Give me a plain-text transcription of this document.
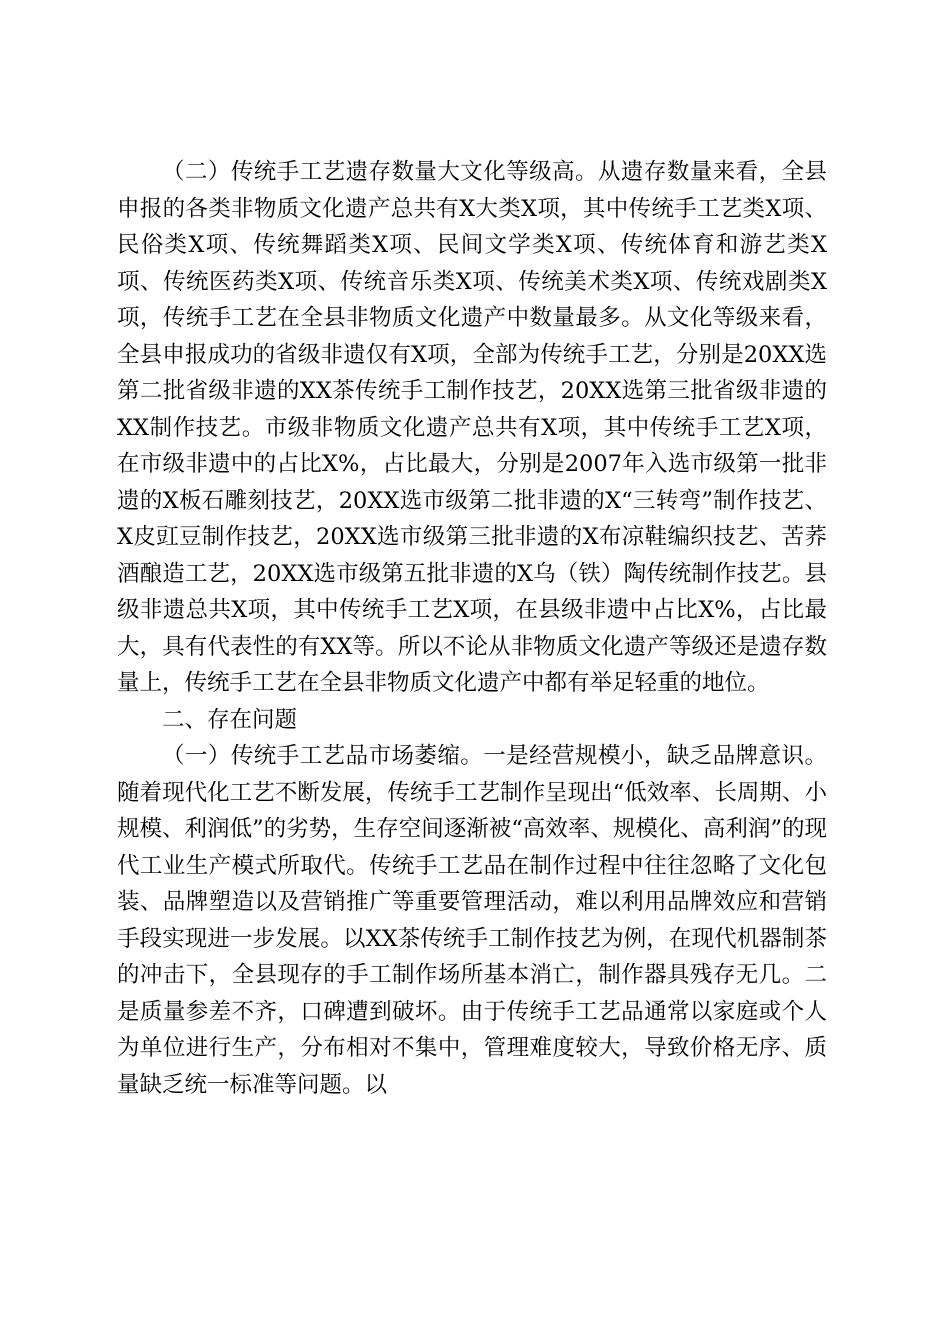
（二）传统手工艺遗存数量大文化等级高。从遗存数量来看，全县申报的各类非物质文化遗产总共有X大类X项，其中传统手工艺类X项、民俗类X项、传统舞蹈类X项、民间文学类X项、传统体育和游艺类X项、传统医药类X项、传统音乐类X项、传统美术类X项、传统戏剧类X项，传统手工艺在全县非物质文化遗产中数量最多。从文化等级来看，全县申报成功的省级非遗仅有X项，全部为传统手工艺，分别是20XX选第二批省级非遗的XX茶传统手工制作技艺，20XX选第三批省级非遗的XX制作技艺。市级非物质文化遗产总共有X项，其中传统手工艺X项，在市级非遗中的占比X%，占比最大，分别是2007年入选市级第一批非遗的X板石雕刻技艺，20XX选市级第二批非遗的X“三转弯”制作技艺、X皮豇豆制作技艺，20XX选市级第三批非遗的X布凉鞋编织技艺、苦荞酒酿造工艺，20XX选市级第五批非遗的X乌（铁）陶传统制作技艺。县级非遗总共X项，其中传统手工艺X项，在县级非遗中占比X%，占比最大，具有代表性的有XX等。所以不论从非物质文化遗产等级还是遗存数量上，传统手工艺在全县非物质文化遗产中都有举足轻重的地位。

二、存在问题

（一）传统手工艺品市场萎缩。一是经营规模小，缺乏品牌意识。随着现代化工艺不断发展，传统手工艺制作呈现出“低效率、长周期、小规模、利润低”的劣势，生存空间逐渐被“高效率、规模化、高利润”的现代工业生产模式所取代。传统手工艺品在制作过程中往往忽略了文化包装、品牌塑造以及营销推广等重要管理活动，难以利用品牌效应和营销手段实现进一步发展。以XX茶传统手工制作技艺为例，在现代机器制茶的冲击下，全县现存的手工制作场所基本消亡，制作器具残存无几。二是质量参差不齐，口碑遭到破坏。由于传统手工艺品通常以家庭或个人为单位进行生产，分布相对不集中，管理难度较大，导致价格无序、质量缺乏统一标准等问题。以
